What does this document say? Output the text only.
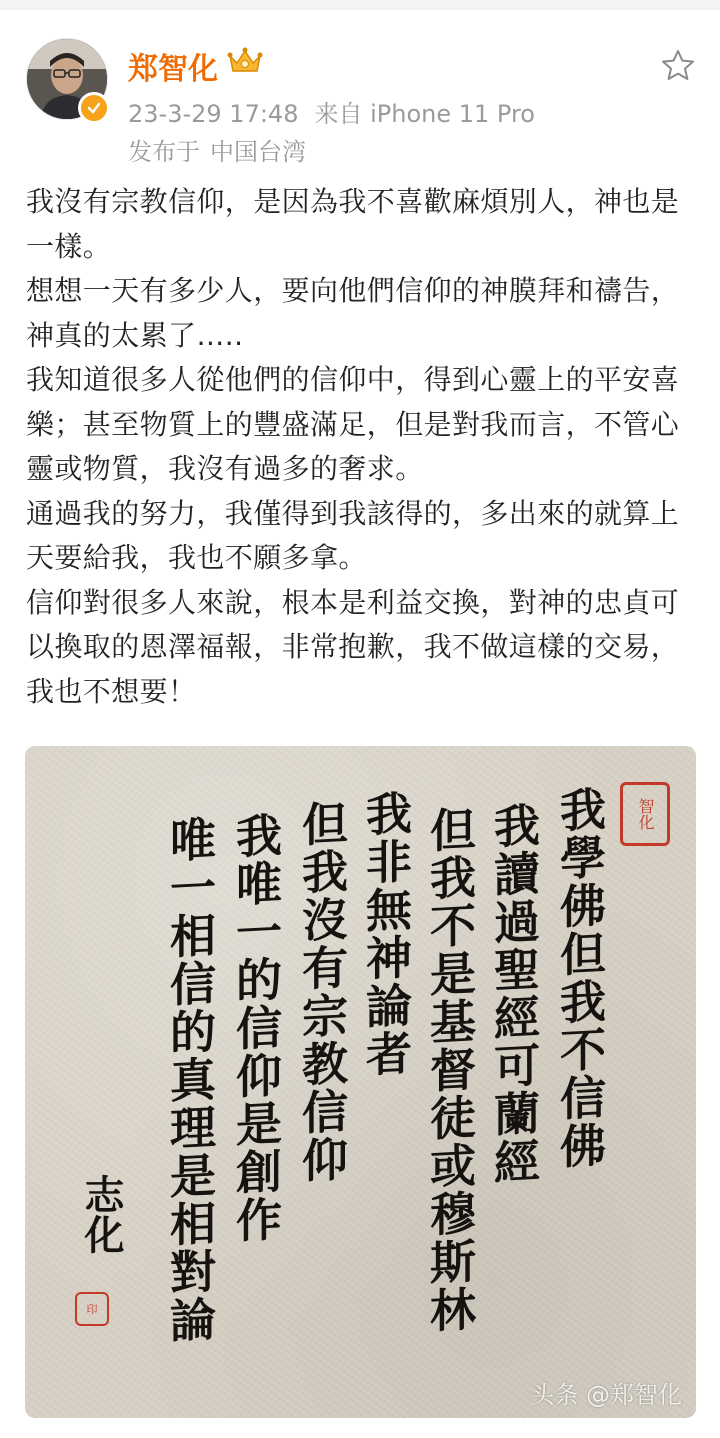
郑智化
23-3-29 17:48 来自 iPhone 11 Pro
发布于 中国台湾

我沒有宗教信仰，是因為我不喜歡麻煩別人，神也是一樣。

想想一天有多少人，要向他們信仰的神膜拜和禱告，神真的太累了…..

我知道很多人從他們的信仰中，得到心靈上的平安喜樂；甚至物質上的豐盛滿足，但是對我而言，不管心靈或物質，我沒有過多的奢求。

通過我的努力，我僅得到我該得的，多出來的就算上天要給我，我也不願多拿。

信仰對很多人來說，根本是利益交換，對神的忠貞可以換取的恩澤福報，非常抱歉，我不做這樣的交易，我也不想要！

智化
我學佛但我不信佛
我讀過聖經可蘭經
但我不是基督徒或穆斯林
我非無神論者
但我沒有宗教信仰
我唯一的信仰是創作
唯一相信的真理是相對論
志化
印
头条 @郑智化
